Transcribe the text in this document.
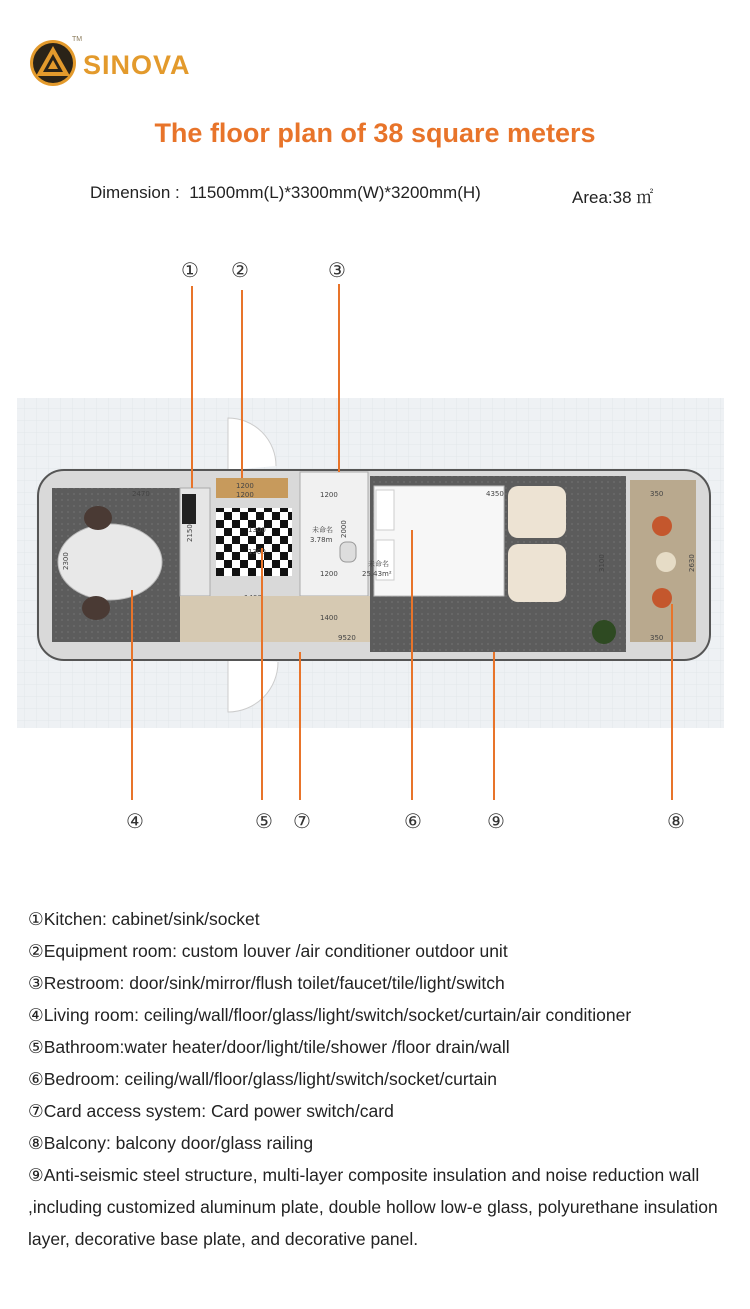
TM
SINOVA
The floor plan of 38 square meters
Dimension :  11500mm(L)*3300mm(W)*3200mm(H)	Area:38 ㎡
① ②	③
2470
2300
2150
1200
1200
1300
1300
1200
未命名
3.78m
2000
1200
1400
9520
4350
3100
未命名
25.43m²
350
350
2630
④	⑤ ⑦	⑥	⑨	⑧
①Kitchen: cabinet/sink/socket
②Equipment room: custom louver /air conditioner outdoor unit
③Restroom: door/sink/mirror/flush toilet/faucet/tile/light/switch
④Living room: ceiling/wall/floor/glass/light/switch/socket/curtain/air conditioner
⑤Bathroom:water heater/door/light/tile/shower /floor drain/wall
⑥Bedroom: ceiling/wall/floor/glass/light/switch/socket/curtain
⑦Card access system: Card power switch/card
⑧Balcony: balcony door/glass railing
⑨Anti-seismic steel structure, multi-layer composite insulation and noise reduction wall ,including customized aluminum plate, double hollow low-e glass, polyurethane insulation layer, decorative base plate, and decorative panel.
